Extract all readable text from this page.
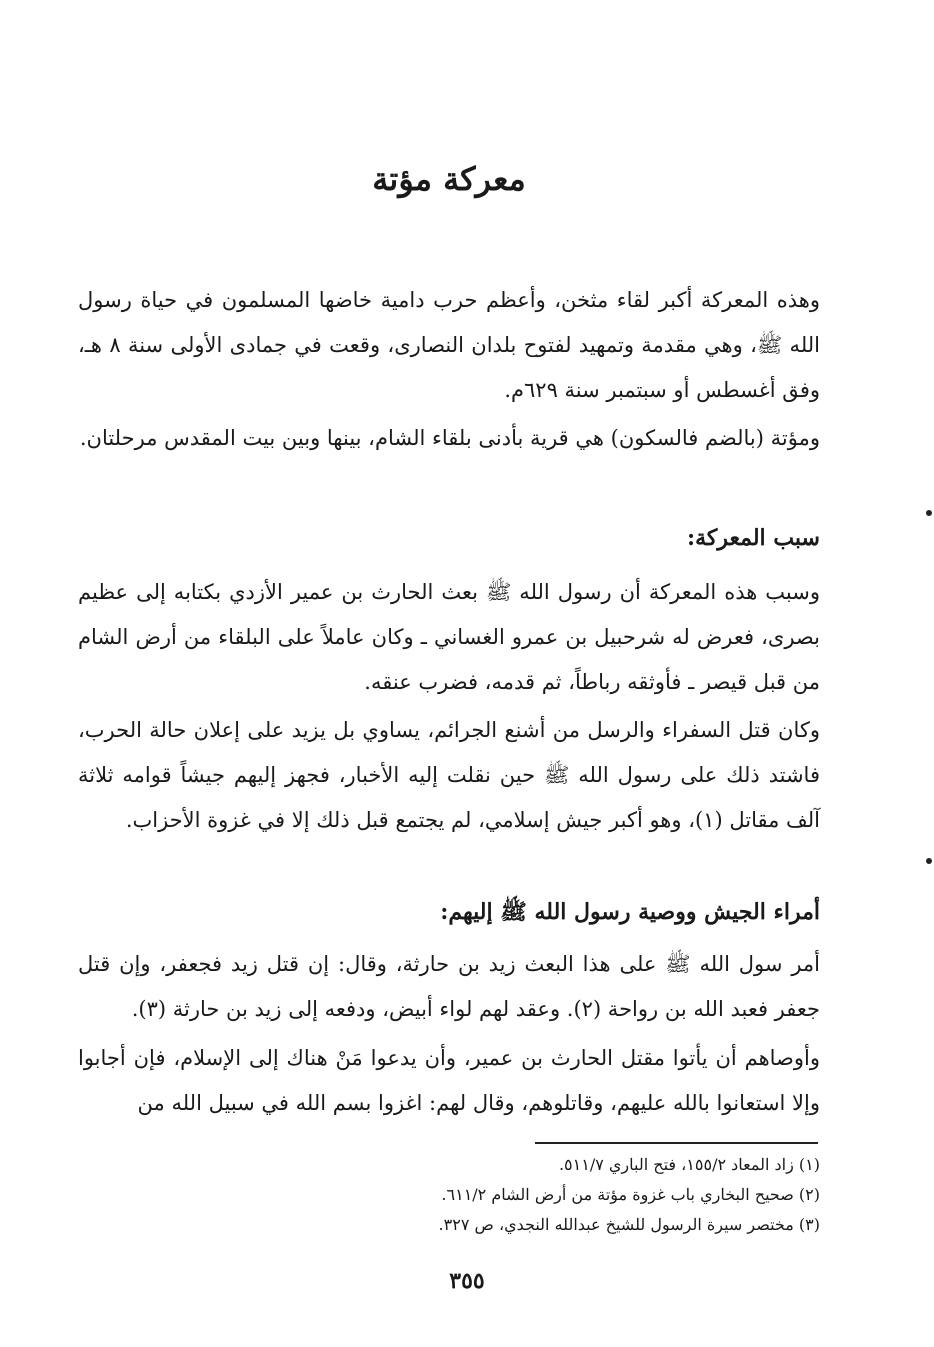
معركة مؤتة

وهذه المعركة أكبر لقاء مثخن، وأعظم حرب دامية خاضها المسلمون في حياة رسول الله ﷺ، وهي مقدمة وتمهيد لفتوح بلدان النصارى، وقعت في جمادى الأولى سنة ٨ هـ، وفق أغسطس أو سبتمبر سنة ٦٢٩م.

ومؤتة (بالضم فالسكون) هي قرية بأدنى بلقاء الشام، بينها وبين بيت المقدس مرحلتان.

سبب المعركة:

وسبب هذه المعركة أن رسول الله ﷺ بعث الحارث بن عمير الأزدي بكتابه إلى عظيم بصرى، فعرض له شرحبيل بن عمرو الغساني ـ وكان عاملاً على البلقاء من أرض الشام من قبل قيصر ـ فأوثقه رباطاً، ثم قدمه، فضرب عنقه.

وكان قتل السفراء والرسل من أشنع الجرائم، يساوي بل يزيد على إعلان حالة الحرب، فاشتد ذلك على رسول الله ﷺ حين نقلت إليه الأخبار، فجهز إليهم جيشاً قوامه ثلاثة آلف مقاتل (١)، وهو أكبر جيش إسلامي، لم يجتمع قبل ذلك إلا في غزوة الأحزاب.

أمراء الجيش ووصية رسول الله ﷺ إليهم:

أمر سول الله ﷺ على هذا البعث زيد بن حارثة، وقال: إن قتل زيد فجعفر، وإن قتل جعفر فعبد الله بن رواحة (٢). وعقد لهم لواء أبيض، ودفعه إلى زيد بن حارثة (٣).

وأوصاهم أن يأتوا مقتل الحارث بن عمير، وأن يدعوا مَنْ هناك إلى الإسلام، فإن أجابوا وإلا استعانوا بالله عليهم، وقاتلوهم، وقال لهم: اغزوا بسم الله في سبيل الله من

(١) زاد المعاد ١٥٥/٢، فتح الباري ٥١١/٧.
(٢) صحيح البخاري باب غزوة مؤتة من أرض الشام ٦١١/٢.
(٣) مختصر سيرة الرسول للشيخ عبدالله النجدي، ص ٣٢٧.
٣٥٥
